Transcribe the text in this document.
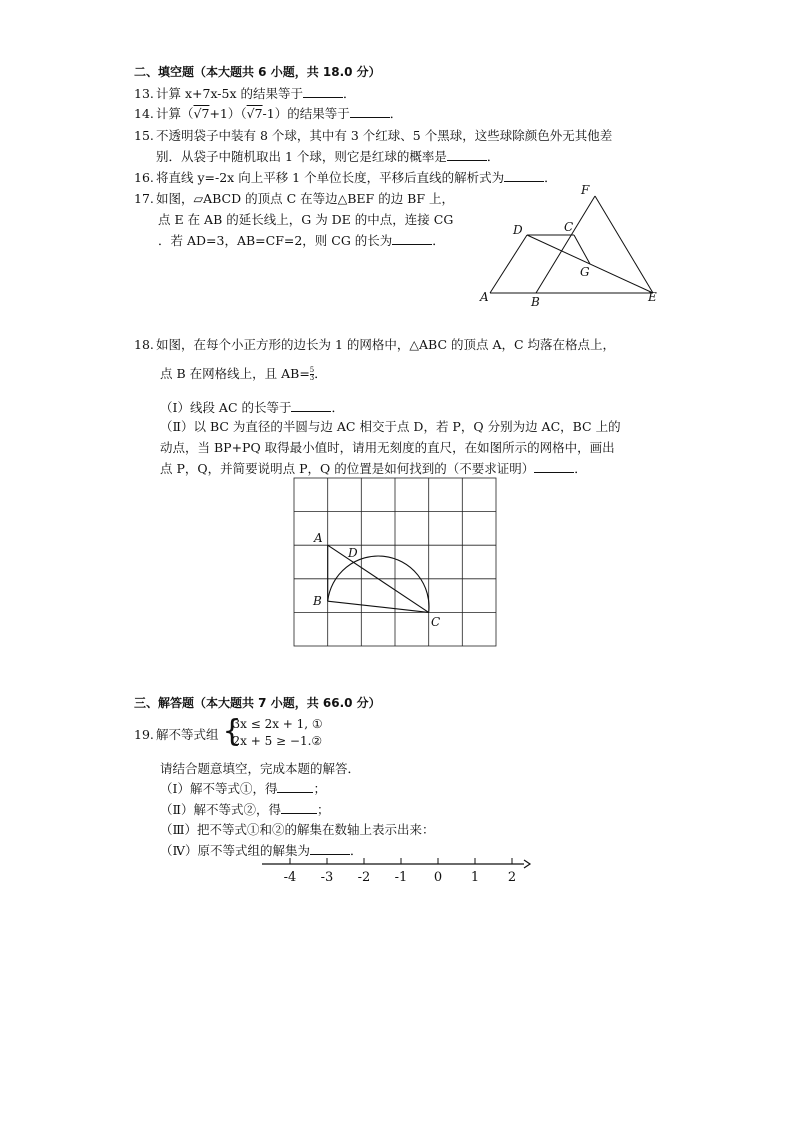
二、填空题（本大题共 6 小题，共 18.0 分）
13. 计算 x+7x-5x 的结果等于	．
14. 计算（√7+1）（√7-1）的结果等于	．
15. 不透明袋子中装有 8 个球，其中有 3 个红球、5 个黑球，这些球除颜色外无其他差
别．从袋子中随机取出 1 个球，则它是红球的概率是	．
16. 将直线 y=-2x 向上平移 1 个单位长度，平移后直线的解析式为	．
17. 如图，▱ABCD 的顶点 C 在等边△BEF 的边 BF 上，
点 E 在 AB 的延长线上，G 为 DE 的中点，连接 CG
．若 AD=3，AB=CF=2，则 CG 的长为	．
A	B
C
D
E
F
G
18. 如图，在每个小正方形的边长为 1 的网格中，△ABC 的顶点 A，C 均落在格点上，
点 B 在网格线上，且 $AB= \frac{5}{3}$ ．
（Ⅰ）线段 AC 的长等于	．
（Ⅱ）以 BC 为直径的半圆与边 AC 相交于点 D，若 P，Q 分别为边 AC，BC 上的
动点，当 BP+PQ 取得最小值时，请用无刻度的直尺，在如图所示的网格中，画出
点 P，Q，并简要说明点 P，Q 的位置是如何找到的（不要求证明）	．
A
B
C
D
三、解答题（本大题共 7 小题，共 66.0 分）
19. 解不等式组 {
3x ≤ 2x + 1, ①
2x + 5 ≥ −1.②
请结合题意填空，完成本题的解答．
（Ⅰ）解不等式①，得	；
（Ⅱ）解不等式②，得	；
（Ⅲ）把不等式①和②的解集在数轴上表示出来：
（Ⅳ）原不等式组的解集为	．
-4 -3 -2 -1 0 1 2
